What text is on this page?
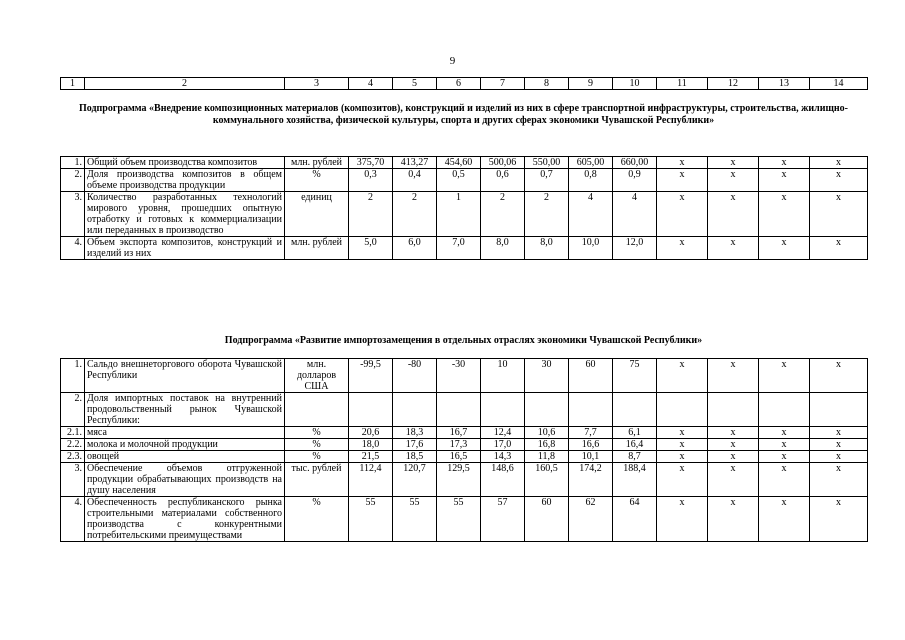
9
1	2	3	4	5	6	7	8	9	10	11	12	13	14
Подпрограмма «Внедрение композиционных материалов (композитов), конструкций и изделий из них в сфере транспортной инфраструктуры, строительства, жилищно-коммунального хозяйства, физической культуры, спорта и других сферах экономики Чувашской Республики»
1.	Общий объем производства композитов	млн. рублей	375,70	413,27	454,60	500,06	550,00	605,00	660,00	х	х	х	х
2.	Доля производства композитов в общем объеме производства продукции	%	0,3	0,4	0,5	0,6	0,7	0,8	0,9	х	х	х	х
3.	Количество разработанных технологий мирового уровня, прошедших опытную отработку и готовых к коммерциализации или переданных в производство	единиц	2	2	1	2	2	4	4	х	х	х	х
4.	Объем экспорта композитов, конструкций и изделий из них	млн. рублей	5,0	6,0	7,0	8,0	8,0	10,0	12,0	х	х	х	х
Подпрограмма «Развитие импортозамещения в отдельных отраслях экономики Чувашской Республики»
1.	Сальдо внешнеторгового оборота Чувашской Республики	млн. долларов США	-99,5	-80	-30	10	30	60	75	х	х	х	х
2.	Доля импортных поставок на внутренний продовольственный рынок Чувашской Республики:												
2.1.	мяса	%	20,6	18,3	16,7	12,4	10,6	7,7	6,1	х	х	х	х
2.2.	молока и молочной продукции	%	18,0	17,6	17,3	17,0	16,8	16,6	16,4	х	х	х	х
2.3.	овощей	%	21,5	18,5	16,5	14,3	11,8	10,1	8,7	х	х	х	х
3.	Обеспечение объемов отгруженной продукции обрабатывающих производств на душу населения	тыс. рублей	112,4	120,7	129,5	148,6	160,5	174,2	188,4	х	х	х	х
4.	Обеспеченность республиканского рынка строительными материалами собственного производства с конкурентными потребительскими преимуществами	%	55	55	55	57	60	62	64	х	х	х	х
